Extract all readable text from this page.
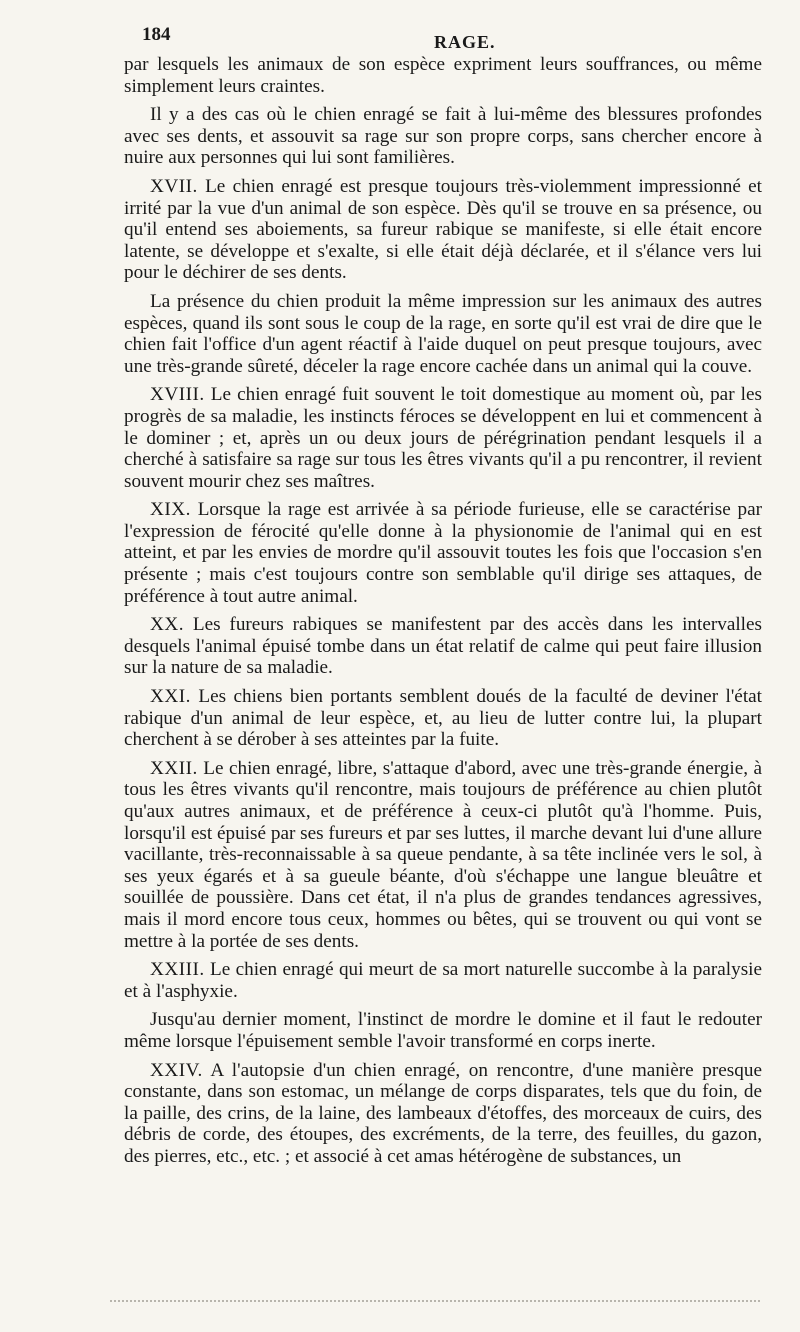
184	RAGE.

par lesquels les animaux de son espèce expriment leurs souffrances, ou même simplement leurs craintes.

Il y a des cas où le chien enragé se fait à lui-même des blessures profondes avec ses dents, et assouvit sa rage sur son propre corps, sans chercher encore à nuire aux personnes qui lui sont familières.

XVII. Le chien enragé est presque toujours très-violemment impressionné et irrité par la vue d'un animal de son espèce. Dès qu'il se trouve en sa présence, ou qu'il entend ses aboiements, sa fureur rabique se manifeste, si elle était encore latente, se développe et s'exalte, si elle était déjà déclarée, et il s'élance vers lui pour le déchirer de ses dents.

La présence du chien produit la même impression sur les animaux des autres espèces, quand ils sont sous le coup de la rage, en sorte qu'il est vrai de dire que le chien fait l'office d'un agent réactif à l'aide duquel on peut presque toujours, avec une très-grande sûreté, déceler la rage encore cachée dans un animal qui la couve.

XVIII. Le chien enragé fuit souvent le toit domestique au moment où, par les progrès de sa maladie, les instincts féroces se développent en lui et commencent à le dominer ; et, après un ou deux jours de pérégrination pendant lesquels il a cherché à satisfaire sa rage sur tous les êtres vivants qu'il a pu rencontrer, il revient souvent mourir chez ses maîtres.

XIX. Lorsque la rage est arrivée à sa période furieuse, elle se caractérise par l'expression de férocité qu'elle donne à la physionomie de l'animal qui en est atteint, et par les envies de mordre qu'il assouvit toutes les fois que l'occasion s'en présente ; mais c'est toujours contre son semblable qu'il dirige ses attaques, de préférence à tout autre animal.

XX. Les fureurs rabiques se manifestent par des accès dans les intervalles desquels l'animal épuisé tombe dans un état relatif de calme qui peut faire illusion sur la nature de sa maladie.

XXI. Les chiens bien portants semblent doués de la faculté de deviner l'état rabique d'un animal de leur espèce, et, au lieu de lutter contre lui, la plupart cherchent à se dérober à ses atteintes par la fuite.

XXII. Le chien enragé, libre, s'attaque d'abord, avec une très-grande énergie, à tous les êtres vivants qu'il rencontre, mais toujours de préférence au chien plutôt qu'aux autres animaux, et de préférence à ceux-ci plutôt qu'à l'homme. Puis, lorsqu'il est épuisé par ses fureurs et par ses luttes, il marche devant lui d'une allure vacillante, très-reconnaissable à sa queue pendante, à sa tête inclinée vers le sol, à ses yeux égarés et à sa gueule béante, d'où s'échappe une langue bleuâtre et souillée de poussière. Dans cet état, il n'a plus de grandes tendances agressives, mais il mord encore tous ceux, hommes ou bêtes, qui se trouvent ou qui vont se mettre à la portée de ses dents.

XXIII. Le chien enragé qui meurt de sa mort naturelle succombe à la paralysie et à l'asphyxie.

Jusqu'au dernier moment, l'instinct de mordre le domine et il faut le redouter même lorsque l'épuisement semble l'avoir transformé en corps inerte.

XXIV. A l'autopsie d'un chien enragé, on rencontre, d'une manière presque constante, dans son estomac, un mélange de corps disparates, tels que du foin, de la paille, des crins, de la laine, des lambeaux d'étoffes, des morceaux de cuirs, des débris de corde, des étoupes, des excréments, de la terre, des feuilles, du gazon, des pierres, etc., etc. ; et associé à cet amas hétérogène de substances, un
